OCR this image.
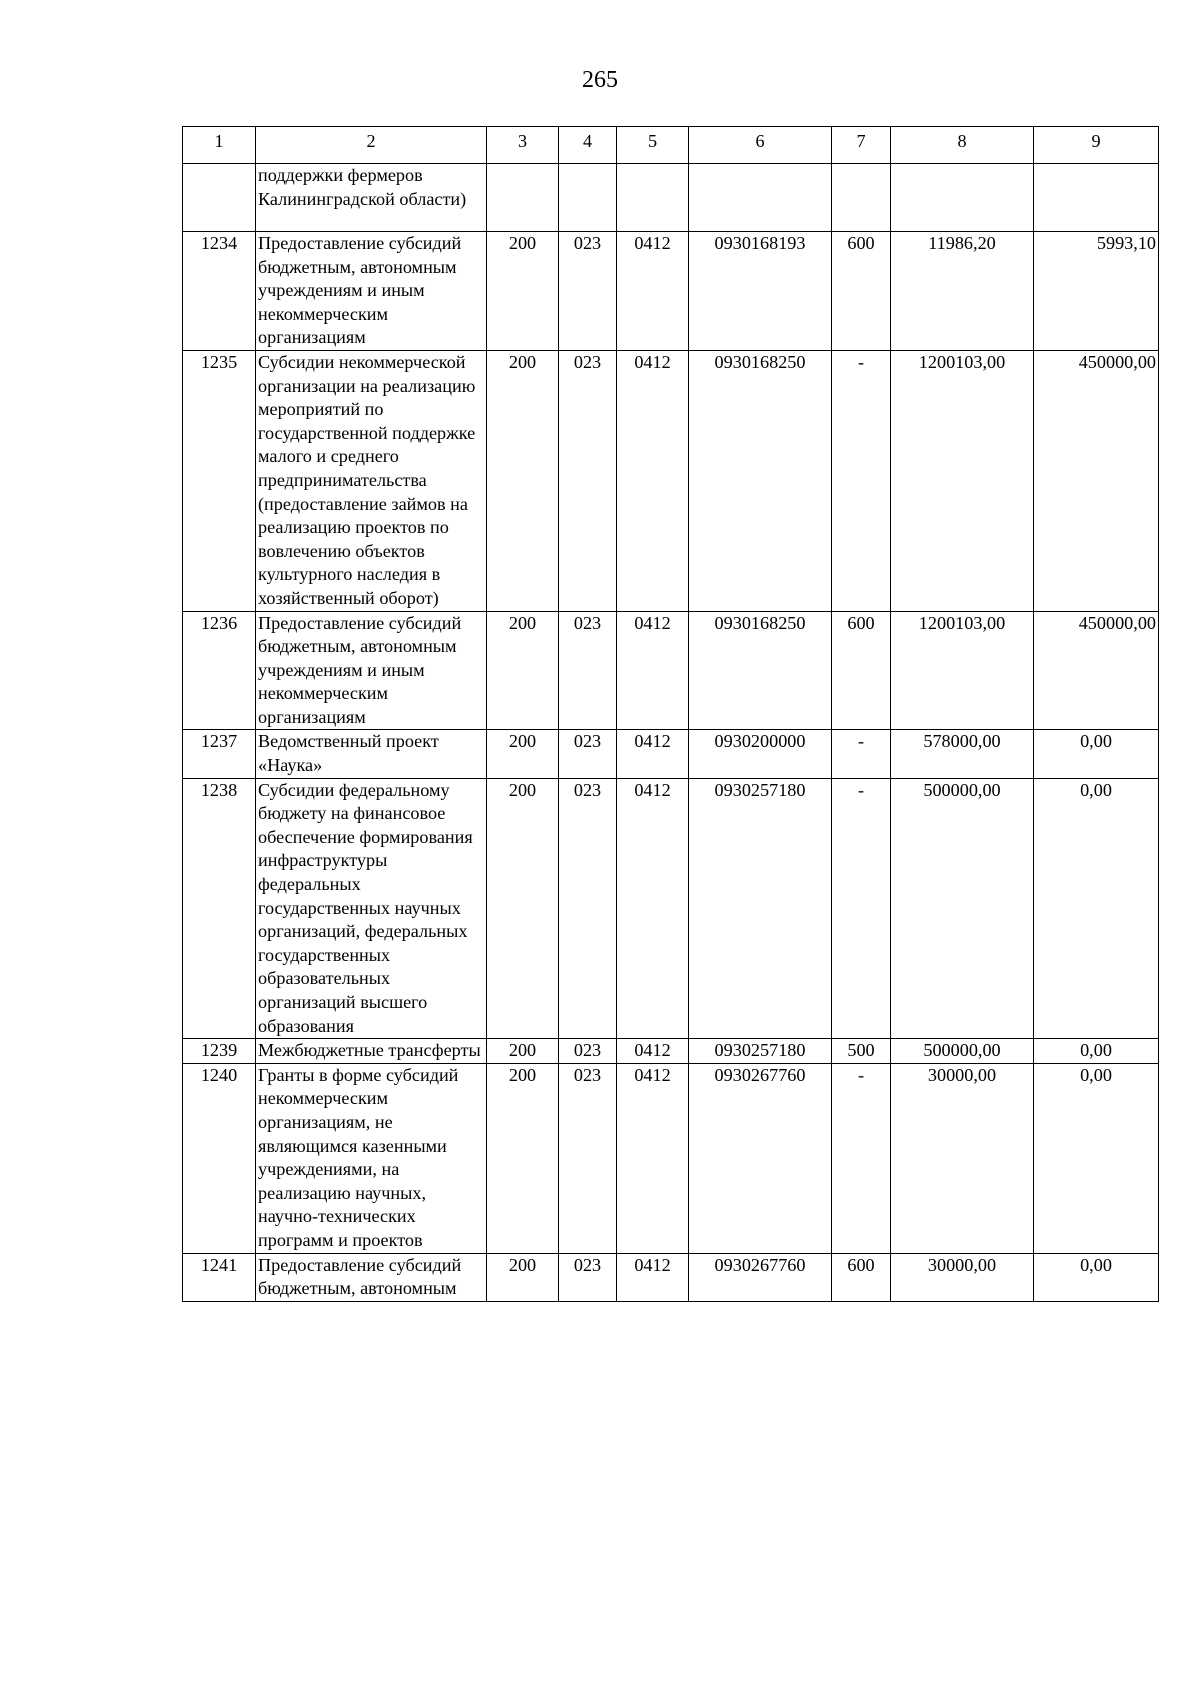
265
1	2	3	4	5	6	7	8	9
	поддержки фермеров Калининградской области)							
1234	Предоставление субсидий бюджетным, автономным учреждениям и иным некоммерческим организациям	200	023	0412	0930168193	600	11986,20	5993,10
1235	Субсидии некоммерческой организации на реализацию мероприятий по государственной поддержке малого и среднего предпринимательства (предоставление займов на реализацию проектов по вовлечению объектов культурного наследия в хозяйственный оборот)	200	023	0412	0930168250	-	1200103,00	450000,00
1236	Предоставление субсидий бюджетным, автономным учреждениям и иным некоммерческим организациям	200	023	0412	0930168250	600	1200103,00	450000,00
1237	Ведомственный проект «Наука»	200	023	0412	0930200000	-	578000,00	0,00
1238	Субсидии федеральному бюджету на финансовое обеспечение формирования инфраструктуры федеральных государственных научных организаций, федеральных государственных образовательных организаций высшего образования	200	023	0412	0930257180	-	500000,00	0,00
1239	Межбюджетные трансферты	200	023	0412	0930257180	500	500000,00	0,00
1240	Гранты в форме субсидий некоммерческим организациям, не являющимся казенными учреждениями, на реализацию научных, научно-технических программ и проектов	200	023	0412	0930267760	-	30000,00	0,00
1241	Предоставление субсидий бюджетным, автономным	200	023	0412	0930267760	600	30000,00	0,00
